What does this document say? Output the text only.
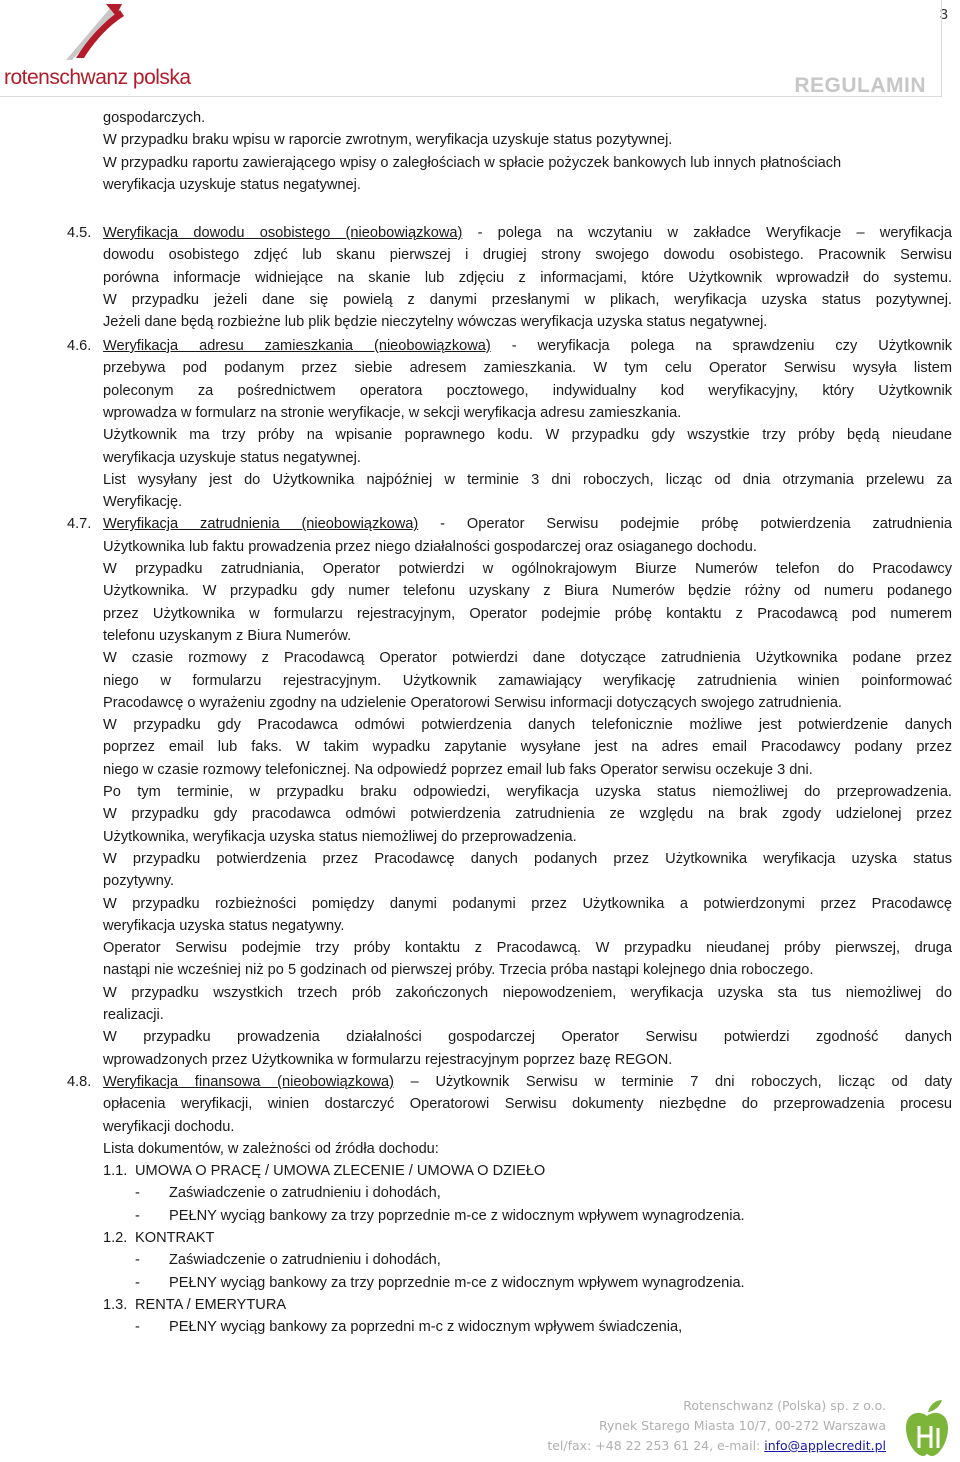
3
rotenschwanz polska	REGULAMIN
gospodarczych.
W przypadku braku wpisu w raporcie zwrotnym, weryfikacja uzyskuje status pozytywnej.
W przypadku raportu zawierającego wpisy o zaległościach w spłacie pożyczek bankowych lub innych płatnościach
weryfikacja uzyskuje status negatywnej.
4.5. Weryfikacja dowodu osobistego (nieobowiązkowa) - polega na wczytaniu w zakładce Weryfikacje – weryfikacja
dowodu osobistego zdjęć lub skanu pierwszej i drugiej strony swojego dowodu osobistego. Pracownik Serwisu
porówna informacje widniejące na skanie lub zdjęciu z informacjami, które Użytkownik wprowadził do systemu.
W przypadku jeżeli dane się powielą z danymi przesłanymi w plikach, weryfikacja uzyska status pozytywnej.
Jeżeli dane będą rozbieżne lub plik będzie nieczytelny wówczas weryfikacja uzyska status negatywnej.
4.6. Weryfikacja adresu zamieszkania (nieobowiązkowa) - weryfikacja polega na sprawdzeniu czy Użytkownik
przebywa pod podanym przez siebie adresem zamieszkania. W tym celu Operator Serwisu wysyła listem
poleconym za pośrednictwem operatora pocztowego, indywidualny kod weryfikacyjny, który Użytkownik
wprowadza w formularz na stronie weryfikacje, w sekcji weryfikacja adresu zamieszkania.
Użytkownik ma trzy próby na wpisanie poprawnego kodu. W przypadku gdy wszystkie trzy próby będą nieudane
weryfikacja uzyskuje status negatywnej.
List wysyłany jest do Użytkownika najpóźniej w terminie 3 dni roboczych, licząc od dnia otrzymania przelewu za
Weryfikację.
4.7. Weryfikacja zatrudnienia (nieobowiązkowa) - Operator Serwisu podejmie próbę potwierdzenia zatrudnienia
Użytkownika lub faktu prowadzenia przez niego działalności gospodarczej oraz osiaganego dochodu.
W przypadku zatrudniania, Operator potwierdzi w ogólnokrajowym Biurze Numerów telefon do Pracodawcy
Użytkownika. W przypadku gdy numer telefonu uzyskany z Biura Numerów będzie różny od numeru podanego
przez Użytkownika w formularzu rejestracyjnym, Operator podejmie próbę kontaktu z Pracodawcą pod numerem
telefonu uzyskanym z Biura Numerów.
W czasie rozmowy z Pracodawcą Operator potwierdzi dane dotyczące zatrudnienia Użytkownika podane przez
niego w formularzu rejestracyjnym. Użytkownik zamawiający weryfikację zatrudnienia winien poinformować
Pracodawcę o wyrażeniu zgodny na udzielenie Operatorowi Serwisu informacji dotyczących swojego zatrudnienia.
W przypadku gdy Pracodawca odmówi potwierdzenia danych telefonicznie możliwe jest potwierdzenie danych
poprzez email lub faks. W takim wypadku zapytanie wysyłane jest na adres email Pracodawcy podany przez
niego w czasie rozmowy telefonicznej. Na odpowiedź poprzez email lub faks Operator serwisu oczekuje 3 dni.
Po tym terminie, w przypadku braku odpowiedzi, weryfikacja uzyska status niemożliwej do przeprowadzenia.
W przypadku gdy pracodawca odmówi potwierdzenia zatrudnienia ze względu na brak zgody udzielonej przez
Użytkownika, weryfikacja uzyska status niemożliwej do przeprowadzenia.
W przypadku potwierdzenia przez Pracodawcę danych podanych przez Użytkownika weryfikacja uzyska status
pozytywny.
W przypadku rozbieżności pomiędzy danymi podanymi przez Użytkownika a potwierdzonymi przez Pracodawcę
weryfikacja uzyska status negatywny.
Operator Serwisu podejmie trzy próby kontaktu z Pracodawcą. W przypadku nieudanej próby pierwszej, druga
nastąpi nie wcześniej niż po 5 godzinach od pierwszej próby. Trzecia próba nastąpi kolejnego dnia roboczego.
W przypadku wszystkich trzech prób zakończonych niepowodzeniem, weryfikacja uzyska sta tus niemożliwej do
realizacji.
W przypadku prowadzenia działalności gospodarczej Operator Serwisu potwierdzi zgodność danych
wprowadzonych przez Użytkownika w formularzu rejestracyjnym poprzez bazę REGON.
4.8. Weryfikacja finansowa (nieobowiązkowa) – Użytkownik Serwisu w terminie 7 dni roboczych, licząc od daty
opłacenia weryfikacji, winien dostarczyć Operatorowi Serwisu dokumenty niezbędne do przeprowadzenia procesu
weryfikacji dochodu.
Lista dokumentów, w zależności od źródła dochodu:
1.1. UMOWA O PRACĘ / UMOWA ZLECENIE / UMOWA O DZIEŁO
- Zaświadczenie o zatrudnieniu i dohodách,
- PEŁNY wyciąg bankowy za trzy poprzednie m-ce z widocznym wpływem wynagrodzenia.
1.2. KONTRAKT
- Zaświadczenie o zatrudnieniu i dohodách,
- PEŁNY wyciąg bankowy za trzy poprzednie m-ce z widocznym wpływem wynagrodzenia.
1.3. RENTA / EMERYTURA
- PEŁNY wyciąg bankowy za poprzedni m-c z widocznym wpływem świadczenia,
Rotenschwanz (Polska) sp. z o.o.
Rynek Starego Miasta 10/7, 00-272 Warszawa
tel/fax: +48 22 253 61 24, e-mail: info@applecredit.pl
